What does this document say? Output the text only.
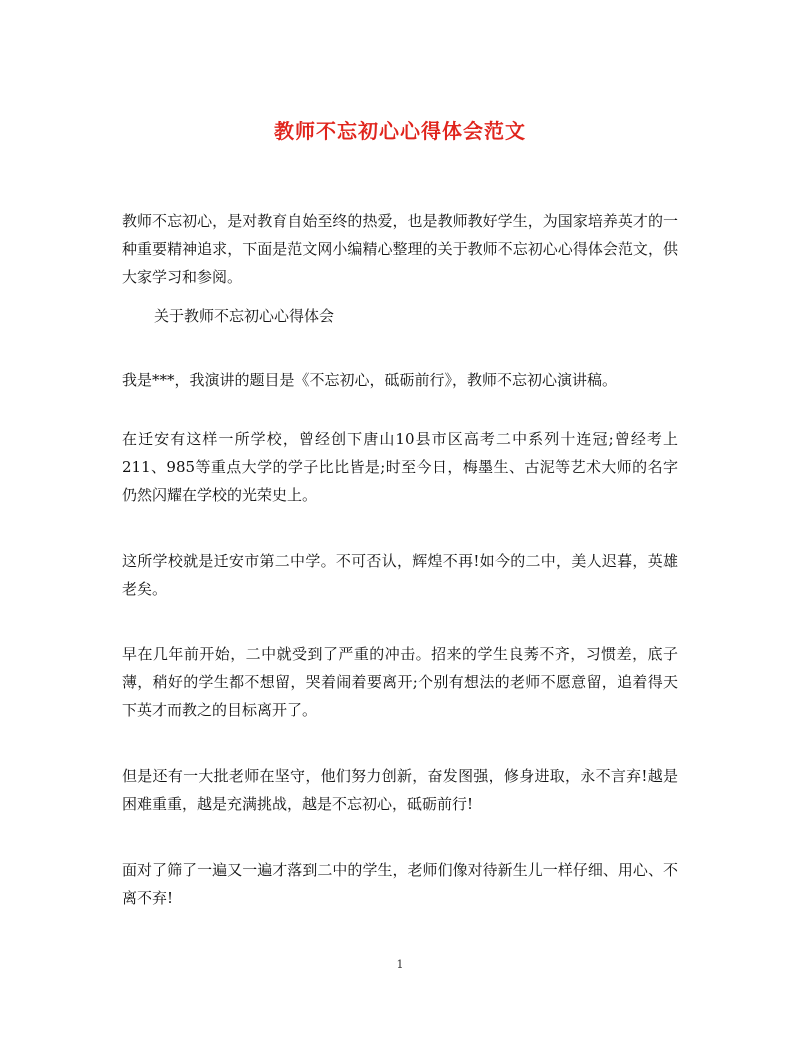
教师不忘初心心得体会范文

教师不忘初心，是对教育自始至终的热爱，也是教师教好学生，为国家培养英才的一种重要精神追求，下面是范文网小编精心整理的关于教师不忘初心心得体会范文，供大家学习和参阅。

关于教师不忘初心心得体会

我是***，我演讲的题目是《不忘初心，砥砺前行》，教师不忘初心演讲稿。

在迁安有这样一所学校，曾经创下唐山10县市区高考二中系列十连冠;曾经考上211、985等重点大学的学子比比皆是;时至今日，梅墨生、古泥等艺术大师的名字仍然闪耀在学校的光荣史上。

这所学校就是迁安市第二中学。不可否认，辉煌不再!如今的二中，美人迟暮，英雄老矣。

早在几年前开始，二中就受到了严重的冲击。招来的学生良莠不齐，习惯差，底子薄，稍好的学生都不想留，哭着闹着要离开;个别有想法的老师不愿意留，追着得天下英才而教之的目标离开了。

但是还有一大批老师在坚守，他们努力创新，奋发图强，修身进取，永不言弃!越是困难重重，越是充满挑战，越是不忘初心，砥砺前行!

面对了筛了一遍又一遍才落到二中的学生，老师们像对待新生儿一样仔细、用心、不离不弃!

1
